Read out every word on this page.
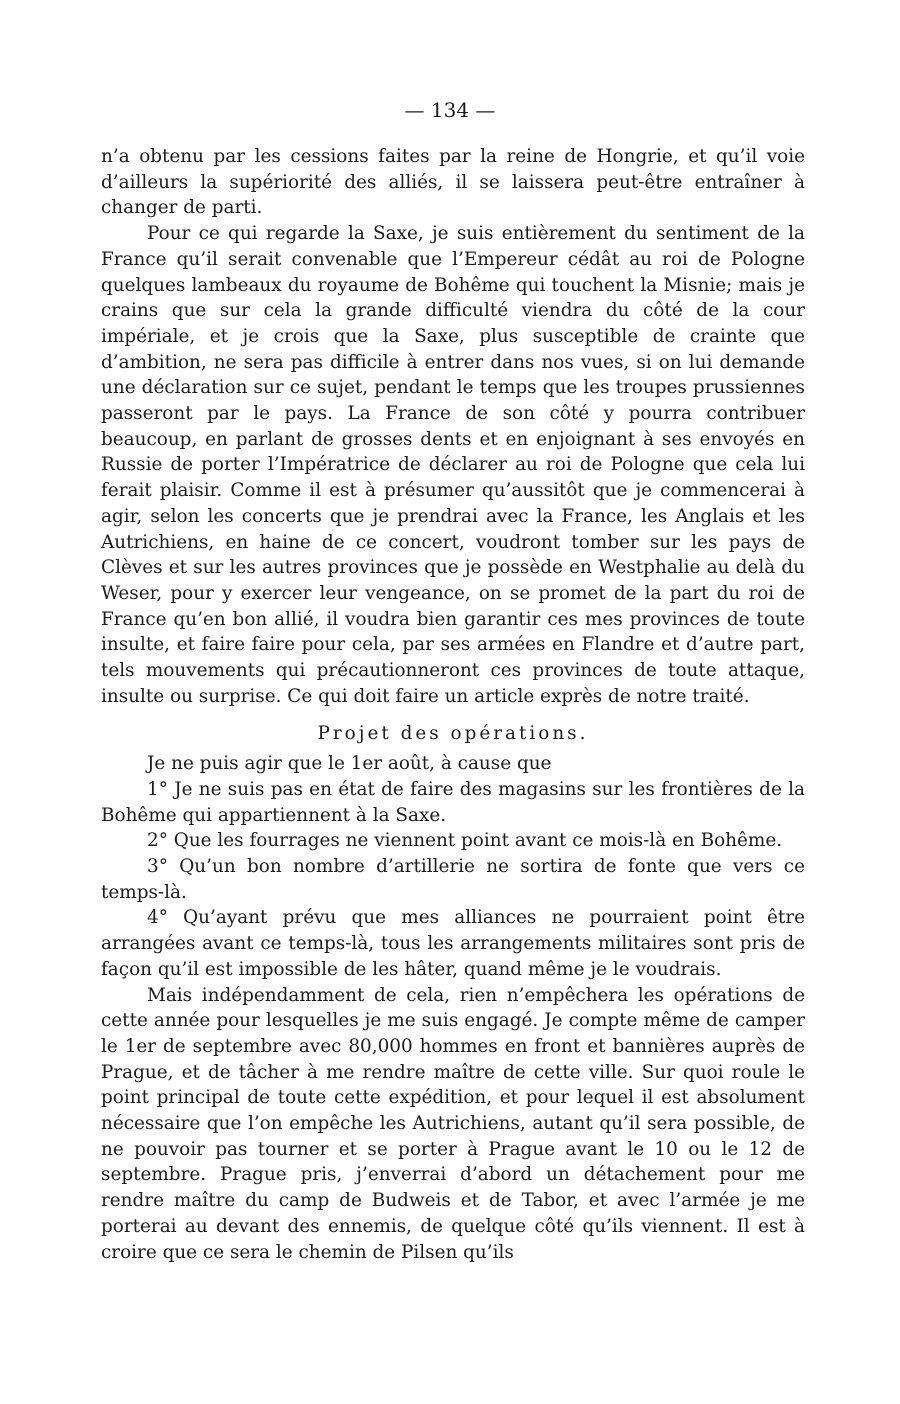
— 134 —

n’a obtenu par les cessions faites par la reine de Hongrie, et qu’il voie d’ailleurs la supériorité des alliés, il se laissera peut-être entraîner à changer de parti.

Pour ce qui regarde la Saxe, je suis entièrement du sentiment de la France qu’il serait convenable que l’Empereur cédât au roi de Pologne quelques lambeaux du royaume de Bohême qui touchent la Misnie; mais je crains que sur cela la grande difficulté viendra du côté de la cour impériale, et je crois que la Saxe, plus susceptible de crainte que d’ambition, ne sera pas difficile à entrer dans nos vues, si on lui demande une déclaration sur ce sujet, pendant le temps que les troupes prussiennes passeront par le pays. La France de son côté y pourra contribuer beaucoup, en parlant de grosses dents et en enjoignant à ses envoyés en Russie de porter l’Impératrice de déclarer au roi de Pologne que cela lui ferait plaisir. Comme il est à présumer qu’aussitôt que je commencerai à agir, selon les concerts que je prendrai avec la France, les Anglais et les Autrichiens, en haine de ce concert, voudront tomber sur les pays de Clèves et sur les autres provinces que je possède en Westphalie au delà du Weser, pour y exercer leur vengeance, on se promet de la part du roi de France qu’en bon allié, il voudra bien garantir ces mes provinces de toute insulte, et faire faire pour cela, par ses armées en Flandre et d’autre part, tels mouvements qui précautionneront ces provinces de toute attaque, insulte ou surprise. Ce qui doit faire un article exprès de notre traité.

Projet des opérations.

Je ne puis agir que le 1er août, à cause que

1° Je ne suis pas en état de faire des magasins sur les frontières de la Bohême qui appartiennent à la Saxe.

2° Que les fourrages ne viennent point avant ce mois-là en Bohême.

3° Qu’un bon nombre d’artillerie ne sortira de fonte que vers ce temps-là.

4° Qu’ayant prévu que mes alliances ne pourraient point être arrangées avant ce temps-là, tous les arrangements militaires sont pris de façon qu’il est impossible de les hâter, quand même je le voudrais.

Mais indépendamment de cela, rien n’empêchera les opérations de cette année pour lesquelles je me suis engagé. Je compte même de camper le 1er de septembre avec 80,000 hommes en front et bannières auprès de Prague, et de tâcher à me rendre maître de cette ville. Sur quoi roule le point principal de toute cette expédition, et pour lequel il est absolument nécessaire que l’on empêche les Autrichiens, autant qu’il sera possible, de ne pouvoir pas tourner et se porter à Prague avant le 10 ou le 12 de septembre. Prague pris, j’enverrai d’abord un détachement pour me rendre maître du camp de Budweis et de Tabor, et avec l’armée je me porterai au devant des ennemis, de quelque côté qu’ils viennent. Il est à croire que ce sera le chemin de Pilsen qu’ils
